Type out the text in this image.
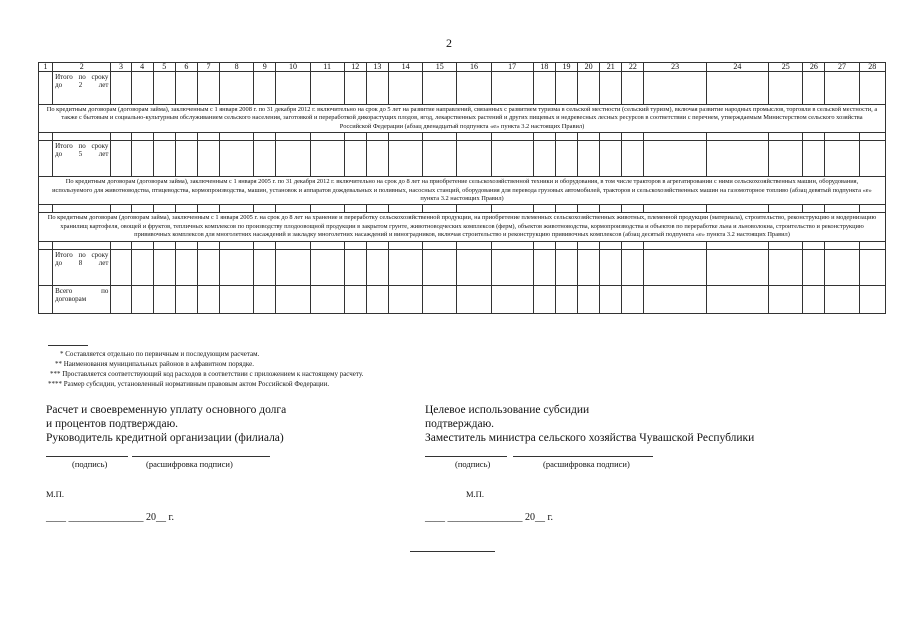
2
1	2	3	4	5	6	7	8	9	10	11	12	13	14	15	16	17	18	19	20	21	22	23	24	25	26	27	28
	Итого по сроку до 2 лет																										
По кредитным договорам (договорам займа), заключенным с 1 января 2008 г. по 31 декабря 2012 г. включительно на срок до 5 лет на развитие направлений, связанных с развитием туризма в сельской местности (сельский туризм), включая развитие народных промыслов, торговли в сельской местности, а также с бытовым и социально-культурным обслуживанием сельского населения, заготовкой и переработкой дикорастущих плодов, ягод, лекарственных растений и других пищевых и недревесных лесных ресурсов в соответствии с перечнем, утверждаемым Министерством сельского хозяйства Российской Федерации (абзац двенадцатый подпункта «е» пункта 3.2 настоящих Правил)																											

	Итого по сроку до 5 лет																										
По кредитным договорам (договорам займа), заключенным с 1 января 2005 г. по 31 декабря 2012 г. включительно на срок до 8 лет на приобретение сельскохозяйственной техники и оборудования, в том числе тракторов в агрегатировании с ними сельскохозяйственных машин, оборудования, используемого для животноводства, птицеводства, кормопроизводства, машин, установок и аппаратов дождевальных и поливных, насосных станций, оборудования для перевода грузовых автомобилей, тракторов и сельскохозяйственных машин на газомоторное топливо (абзац девятый подпункта «е» пункта 3.2 настоящих Правил)																											

По кредитным договорам (договорам займа), заключенным с 1 января 2005 г. на срок до 8 лет на хранение и переработку сельскохозяйственной продукции, на приобретение племенных сельскохозяйственных животных, племенной продукции (материала), строительство, реконструкцию и модернизацию хранилищ картофеля, овощей и фруктов, тепличных комплексов по производству плодоовощной продукции в закрытом грунте, животноводческих комплексов (ферм), объектов животноводства, кормопроизводства и объектов по переработке льна и льноволокна, строительство и реконструкцию прививочных комплексов для многолетних насаждений и закладку многолетних насаждений и виноградников, включая строительство и реконструкцию прививочных комплексов (абзац десятый подпункта «е» пункта 3.2 настоящих Правил)																											

	Итого по сроку до 8 лет																										
	Всего по договорам																										
* Составляется отдельно по первичным и последующим расчетам.
** Наименования муниципальных районов в алфавитном порядке.
*** Проставляется соответствующий код расходов в соответствии с приложением к настоящему расчету.
**** Размер субсидии, установленный нормативным правовым актом Российской Федерации.
Расчет и своевременную уплату основного долга
и процентов подтверждаю.
Руководитель кредитной организации (филиала)
Целевое использование субсидии
подтверждаю.
Заместитель министра сельского хозяйства Чувашской Республики
(подпись)	(расшифровка подписи)	(подпись)	(расшифровка подписи)
М.П.	М.П.
____ _______________ 20__ г.	____ _______________ 20__ г.
